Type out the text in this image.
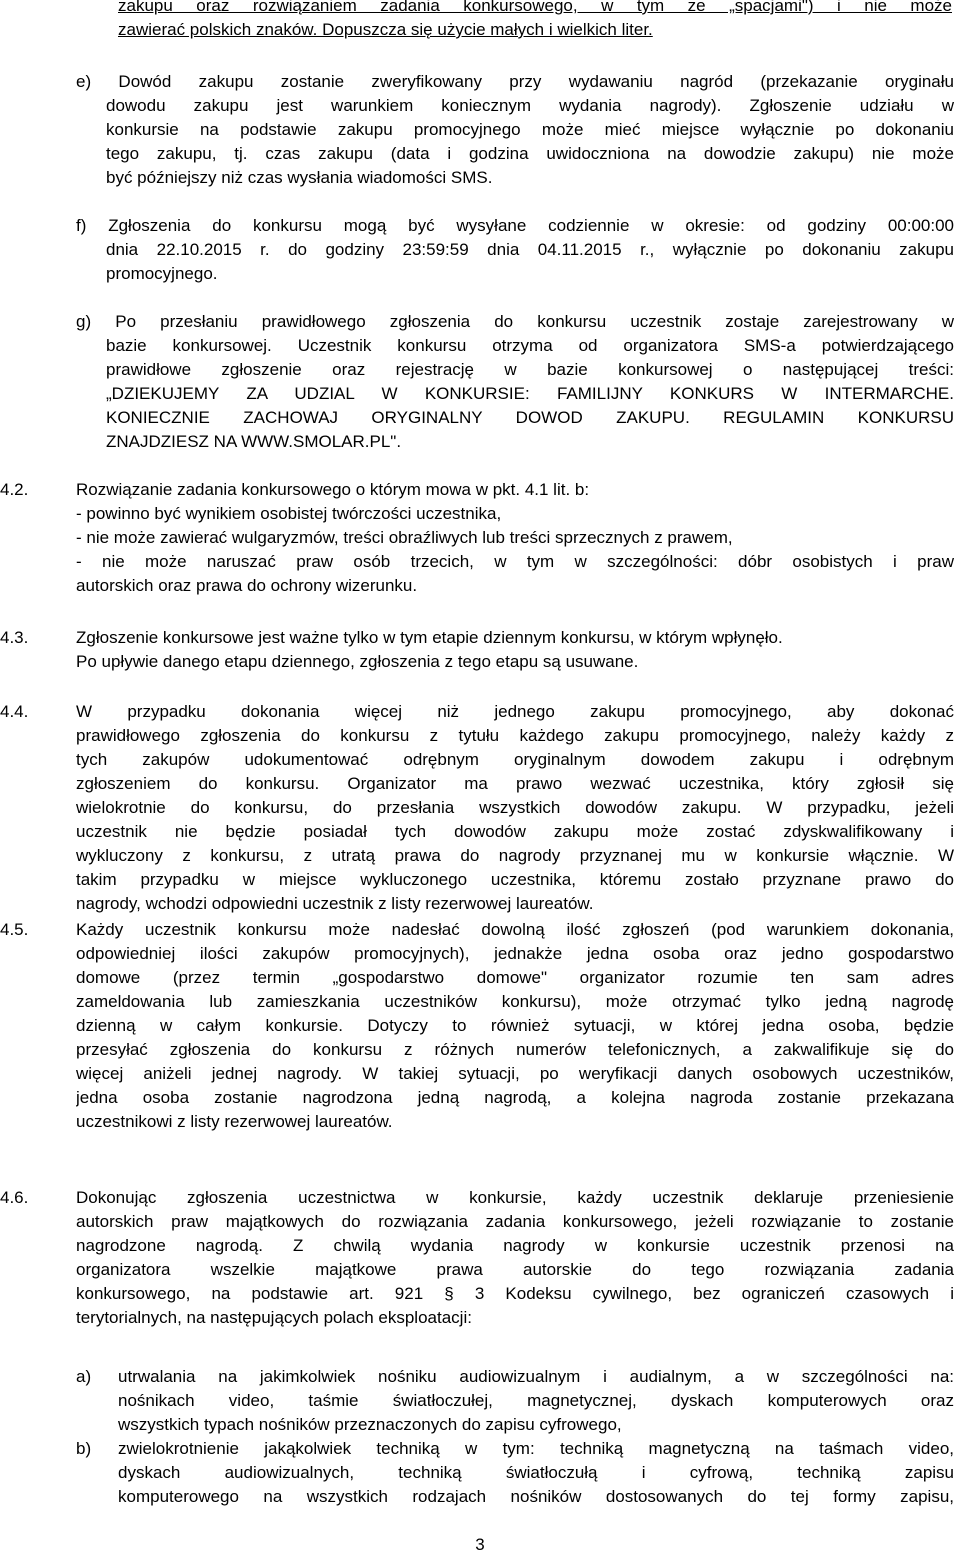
zakupu oraz rozwiązaniem zadania konkursowego, w tym ze „spacjami") i nie może
zawierać polskich znaków. Dopuszcza się użycie małych i wielkich liter.
e) Dowód zakupu zostanie zweryfikowany przy wydawaniu nagród (przekazanie oryginału
dowodu zakupu jest warunkiem koniecznym wydania nagrody). Zgłoszenie udziału w
konkursie na podstawie zakupu promocyjnego może mieć miejsce wyłącznie po dokonaniu
tego zakupu, tj. czas zakupu (data i godzina uwidoczniona na dowodzie zakupu) nie może
być późniejszy niż czas wysłania wiadomości SMS.
f) Zgłoszenia do konkursu mogą być wysyłane codziennie w okresie: od godziny 00:00:00
dnia 22.10.2015 r. do godziny 23:59:59 dnia 04.11.2015 r., wyłącznie po dokonaniu zakupu
promocyjnego.
g) Po przesłaniu prawidłowego zgłoszenia do konkursu uczestnik zostaje zarejestrowany w
bazie konkursowej. Uczestnik konkursu otrzyma od organizatora SMS-a potwierdzającego
prawidłowe zgłoszenie oraz rejestrację w bazie konkursowej o następującej treści:
„DZIEKUJEMY ZA UDZIAL W KONKURSIE: FAMILIJNY KONKURS W INTERMARCHE.
KONIECZNIE ZACHOWAJ ORYGINALNY DOWOD ZAKUPU. REGULAMIN KONKURSU
ZNAJDZIESZ NA WWW.SMOLAR.PL".
4.2.	Rozwiązanie zadania konkursowego o którym mowa w pkt. 4.1 lit. b:
- powinno być wynikiem osobistej twórczości uczestnika,
- nie może zawierać wulgaryzmów, treści obraźliwych lub treści sprzecznych z prawem,
- nie może naruszać praw osób trzecich, w tym w szczególności: dóbr osobistych i praw
autorskich oraz prawa do ochrony wizerunku.
4.3.	Zgłoszenie konkursowe jest ważne tylko w tym etapie dziennym konkursu, w którym wpłynęło.
Po upływie danego etapu dziennego, zgłoszenia z tego etapu są usuwane.
4.4.	W przypadku dokonania więcej niż jednego zakupu promocyjnego, aby dokonać
prawidłowego zgłoszenia do konkursu z tytułu każdego zakupu promocyjnego, należy każdy z
tych zakupów udokumentować odrębnym oryginalnym dowodem zakupu i odrębnym
zgłoszeniem do konkursu. Organizator ma prawo wezwać uczestnika, który zgłosił się
wielokrotnie do konkursu, do przesłania wszystkich dowodów zakupu. W przypadku, jeżeli
uczestnik nie będzie posiadał tych dowodów zakupu może zostać zdyskwalifikowany i
wykluczony z konkursu, z utratą prawa do nagrody przyznanej mu w konkursie włącznie. W
takim przypadku w miejsce wykluczonego uczestnika, któremu zostało przyznane prawo do
nagrody, wchodzi odpowiedni uczestnik z listy rezerwowej laureatów.
4.5.	Każdy uczestnik konkursu może nadesłać dowolną ilość zgłoszeń (pod warunkiem dokonania,
odpowiedniej ilości zakupów promocyjnych), jednakże jedna osoba oraz jedno gospodarstwo
domowe (przez termin „gospodarstwo domowe" organizator rozumie ten sam adres
zameldowania lub zamieszkania uczestników konkursu), może otrzymać tylko jedną nagrodę
dzienną w całym konkursie. Dotyczy to również sytuacji, w której jedna osoba, będzie
przesyłać zgłoszenia do konkursu z różnych numerów telefonicznych, a zakwalifikuje się do
więcej aniżeli jednej nagrody. W takiej sytuacji, po weryfikacji danych osobowych uczestników,
jedna osoba zostanie nagrodzona jedną nagrodą, a kolejna nagroda zostanie przekazana
uczestnikowi z listy rezerwowej laureatów.
4.6.	Dokonując zgłoszenia uczestnictwa w konkursie, każdy uczestnik deklaruje przeniesienie
autorskich praw majątkowych do rozwiązania zadania konkursowego, jeżeli rozwiązanie to zostanie
nagrodzone nagrodą. Z chwilą wydania nagrody w konkursie uczestnik przenosi na
organizatora wszelkie majątkowe prawa autorskie do tego rozwiązania zadania
konkursowego, na podstawie art. 921 § 3 Kodeksu cywilnego, bez ograniczeń czasowych i
terytorialnych, na następujących polach eksploatacji:
a) utrwalania na jakimkolwiek nośniku audiowizualnym i audialnym, a w szczególności na:
nośnikach video, taśmie światłoczułej, magnetycznej, dyskach komputerowych oraz
wszystkich typach nośników przeznaczonych do zapisu cyfrowego,
b) zwielokrotnienie jakąkolwiek techniką w tym: techniką magnetyczną na taśmach video,
dyskach audiowizualnych, techniką światłoczułą i cyfrową, techniką zapisu
komputerowego na wszystkich rodzajach nośników dostosowanych do tej formy zapisu,
3
